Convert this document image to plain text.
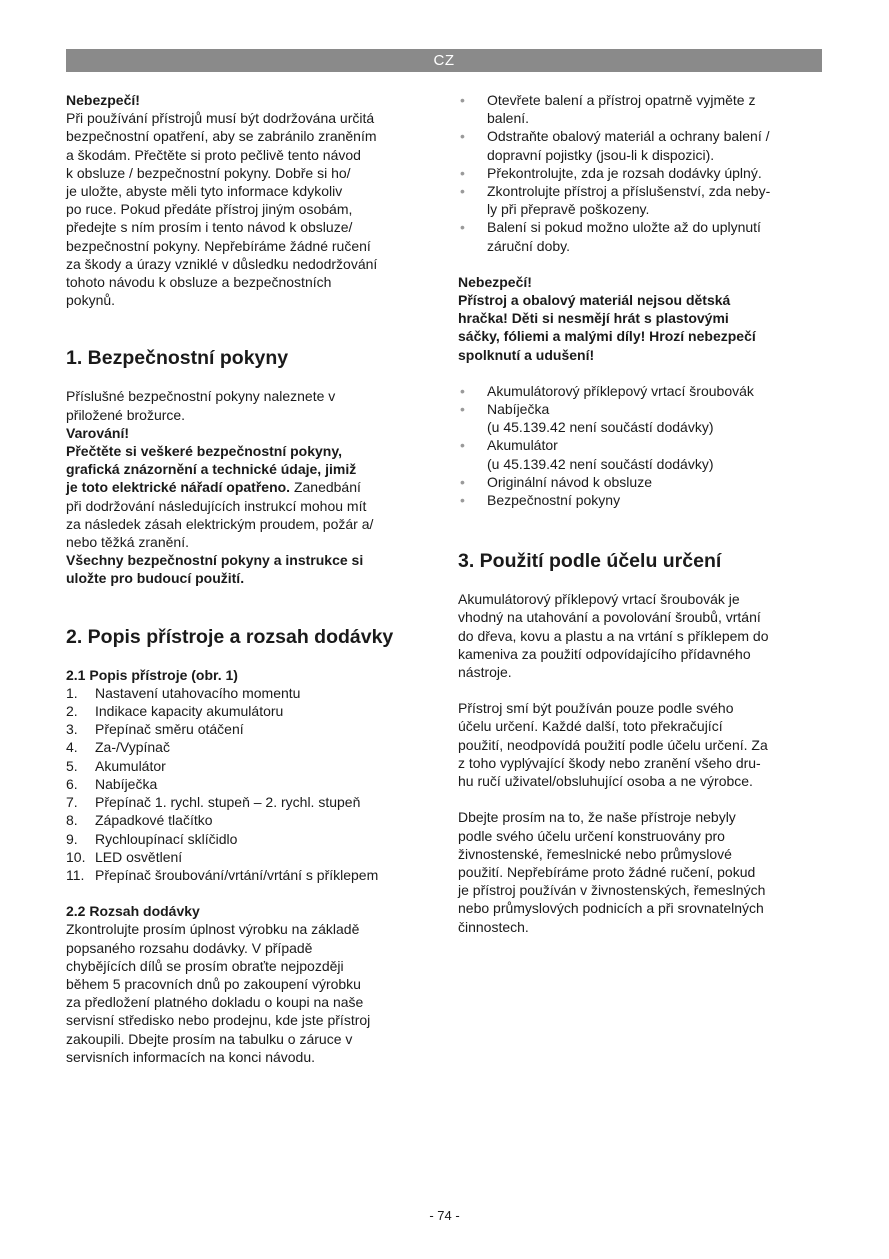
CZ

Nebezpečí!

Při používání přístrojů musí být dodržována určitá

bezpečnostní opatření, aby se zabránilo zraněním

a škodám. Přečtěte si proto pečlivě tento návod

k obsluze / bezpečnostní pokyny. Dobře si ho/

je uložte, abyste měli tyto informace kdykoliv

po ruce. Pokud předáte přístroj jiným osobám,

předejte s ním prosím i tento návod k obsluze/

bezpečnostní pokyny. Nepřebíráme žádné ručení

za škody a úrazy vzniklé v důsledku nedodržování

tohoto návodu k obsluze a bezpečnostních

pokynů.

1. Bezpečnostní pokyny

Příslušné bezpečnostní pokyny naleznete v

přiložené brožurce.

Varování!

Přečtěte si veškeré bezpečnostní pokyny,

grafická znázornění a technické údaje, jimiž

je toto elektrické nářadí opatřeno. Zanedbání

při dodržování následujících instrukcí mohou mít

za následek zásah elektrickým proudem, požár a/

nebo těžká zranění.

Všechny bezpečnostní pokyny a instrukce si

uložte pro budoucí použití.

2. Popis přístroje a rozsah dodávky
2.1 Popis přístroje (obr. 1)
1.	Nastavení utahovacího momentu
2.	Indikace kapacity akumulátoru
3.	Přepínač směru otáčení
4.	Za-/Vypínač
5.	Akumulátor
6.	Nabíječka
7.	Přepínač 1. rychl. stupeň – 2. rychl. stupeň
8.	Západkové tlačítko
9.	Rychloupínací sklíčidlo
10. LED osvětlení
11. Přepínač šroubování/vrtání/vrtání s příklepem
2.2 Rozsah dodávky

Zkontrolujte prosím úplnost výrobku na základě

popsaného rozsahu dodávky. V případě

chybějících dílů se prosím obraťte nejpozději

během 5 pracovních dnů po zakoupení výrobku

za předložení platného dokladu o koupi na naše

servisní středisko nebo prodejnu, kde jste přístroj

zakoupili. Dbejte prosím na tabulku o záruce v

servisních informacích na konci návodu.

• Otevřete balení a přístroj opatrně vyjměte z
balení.
• Odstraňte obalový materiál a ochrany balení /
dopravní pojistky (jsou-li k dispozici).
• Překontrolujte, zda je rozsah dodávky úplný.
• Zkontrolujte přístroj a příslušenství, zda neby-
ly při přepravě poškozeny.
• Balení si pokud možno uložte až do uplynutí
záruční doby.

Nebezpečí!

Přístroj a obalový materiál nejsou dětská

hračka! Děti si nesmějí hrát s plastovými

sáčky, fóliemi a malými díly! Hrozí nebezpečí

spolknutí a udušení!

• Akumulátorový příklepový vrtací šroubovák
• Nabíječka
(u 45.139.42 není součástí dodávky)
• Akumulátor
(u 45.139.42 není součástí dodávky)
• Originální návod k obsluze
• Bezpečnostní pokyny
3. Použití podle účelu určení

Akumulátorový příklepový vrtací šroubovák je

vhodný na utahování a povolování šroubů, vrtání

do dřeva, kovu a plastu a na vrtání s příklepem do

kameniva za použití odpovídajícího přídavného

nástroje.

Přístroj smí být používán pouze podle svého

účelu určení. Každé další, toto překračující

použití, neodpovídá použití podle účelu určení. Za

z toho vyplývající škody nebo zranění všeho dru-

hu ručí uživatel/obsluhující osoba a ne výrobce.

Dbejte prosím na to, že naše přístroje nebyly

podle svého účelu určení konstruovány pro

živnostenské, řemeslnické nebo průmyslové

použití. Nepřebíráme proto žádné ručení, pokud

je přístroj používán v živnostenských, řemeslných

nebo průmyslových podnicích a při srovnatelných

činnostech.

- 74 -
